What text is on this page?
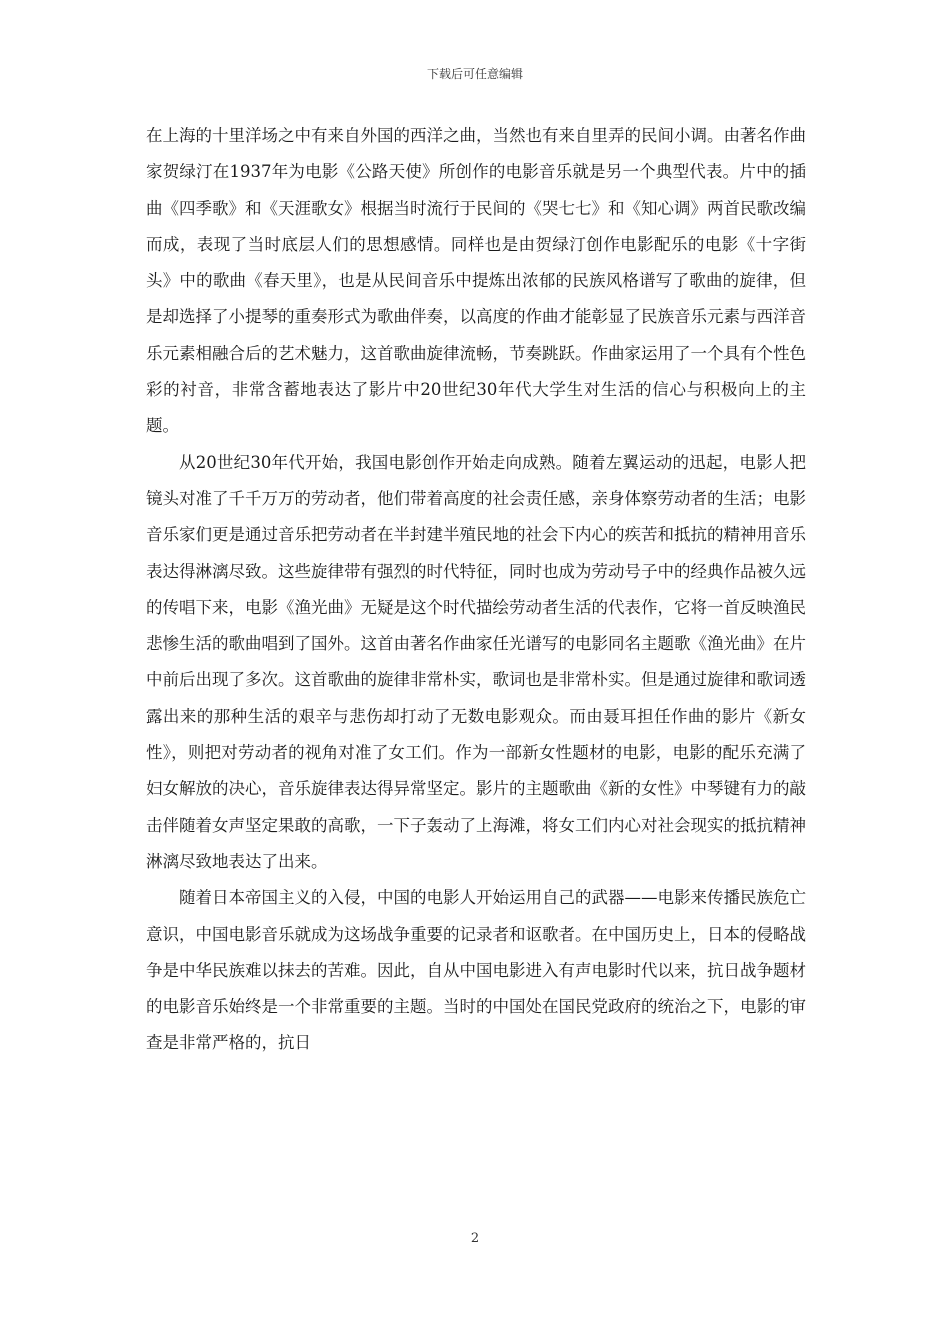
下载后可任意编辑

在上海的十里洋场之中有来自外国的西洋之曲，当然也有来自里弄的民间小调。由著名作曲家贺绿汀在1937年为电影《公路天使》所创作的电影音乐就是另一个典型代表。片中的插曲《四季歌》和《天涯歌女》根据当时流行于民间的《哭七七》和《知心调》两首民歌改编而成，表现了当时底层人们的思想感情。同样也是由贺绿汀创作电影配乐的电影《十字街头》中的歌曲《春天里》，也是从民间音乐中提炼出浓郁的民族风格谱写了歌曲的旋律，但是却选择了小提琴的重奏形式为歌曲伴奏，以高度的作曲才能彰显了民族音乐元素与西洋音乐元素相融合后的艺术魅力，这首歌曲旋律流畅，节奏跳跃。作曲家运用了一个具有个性色彩的衬音，非常含蓄地表达了影片中20世纪30年代大学生对生活的信心与积极向上的主题。

从20世纪30年代开始，我国电影创作开始走向成熟。随着左翼运动的迅起，电影人把镜头对准了千千万万的劳动者，他们带着高度的社会责任感，亲身体察劳动者的生活；电影音乐家们更是通过音乐把劳动者在半封建半殖民地的社会下内心的疾苦和抵抗的精神用音乐表达得淋漓尽致。这些旋律带有强烈的时代特征，同时也成为劳动号子中的经典作品被久远的传唱下来，电影《渔光曲》无疑是这个时代描绘劳动者生活的代表作，它将一首反映渔民悲惨生活的歌曲唱到了国外。这首由著名作曲家任光谱写的电影同名主题歌《渔光曲》在片中前后出现了多次。这首歌曲的旋律非常朴实，歌词也是非常朴实。但是通过旋律和歌词透露出来的那种生活的艰辛与悲伤却打动了无数电影观众。而由聂耳担任作曲的影片《新女性》，则把对劳动者的视角对准了女工们。作为一部新女性题材的电影，电影的配乐充满了妇女解放的决心，音乐旋律表达得异常坚定。影片的主题歌曲《新的女性》中琴键有力的敲击伴随着女声坚定果敢的高歌，一下子轰动了上海滩，将女工们内心对社会现实的抵抗精神淋漓尽致地表达了出来。

随着日本帝国主义的入侵，中国的电影人开始运用自己的武器——电影来传播民族危亡意识，中国电影音乐就成为这场战争重要的记录者和讴歌者。在中国历史上，日本的侵略战争是中华民族难以抹去的苦难。因此，自从中国电影进入有声电影时代以来，抗日战争题材的电影音乐始终是一个非常重要的主题。当时的中国处在国民党政府的统治之下，电影的审查是非常严格的，抗日

2
